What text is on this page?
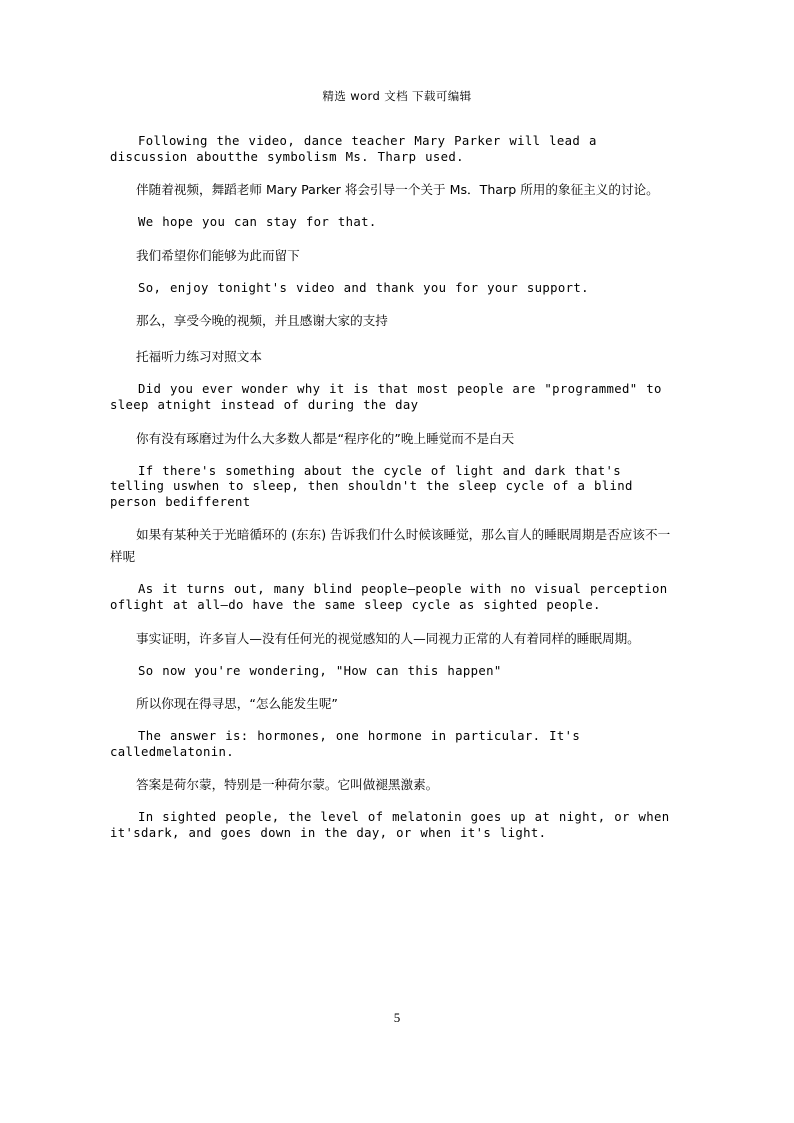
精选 word 文档 下载可编辑

Following the video, dance teacher Mary Parker will lead a discussion aboutthe symbolism Ms. Tharp used.

伴随着视频，舞蹈老师 Mary Parker 将会引导一个关于 Ms．Tharp 所用的象征主义的讨论。

We hope you can stay for that.

我们希望你们能够为此而留下

So, enjoy tonight's video and thank you for your support.

那么，享受今晚的视频，并且感谢大家的支持

托福听力练习对照文本

Did you ever wonder why it is that most people are "programmed" to sleep atnight instead of during the day

你有没有琢磨过为什么大多数人都是“程序化的”晚上睡觉而不是白天

If there's something about the cycle of light and dark that's telling uswhen to sleep, then shouldn't the sleep cycle of a blind person bedifferent

如果有某种关于光暗循环的 (东东) 告诉我们什么时候该睡觉，那么盲人的睡眠周期是否应该不一样呢

As it turns out, many blind people—people with no visual perception oflight at all—do have the same sleep cycle as sighted people.

事实证明，许多盲人—没有任何光的视觉感知的人—同视力正常的人有着同样的睡眠周期。

So now you're wondering, "How can this happen"

所以你现在得寻思，“怎么能发生呢”

The answer is: hormones, one hormone in particular. It's calledmelatonin.

答案是荷尔蒙，特别是一种荷尔蒙。它叫做褪黑激素。

In sighted people, the level of melatonin goes up at night, or when it'sdark, and goes down in the day, or when it's light.

5
